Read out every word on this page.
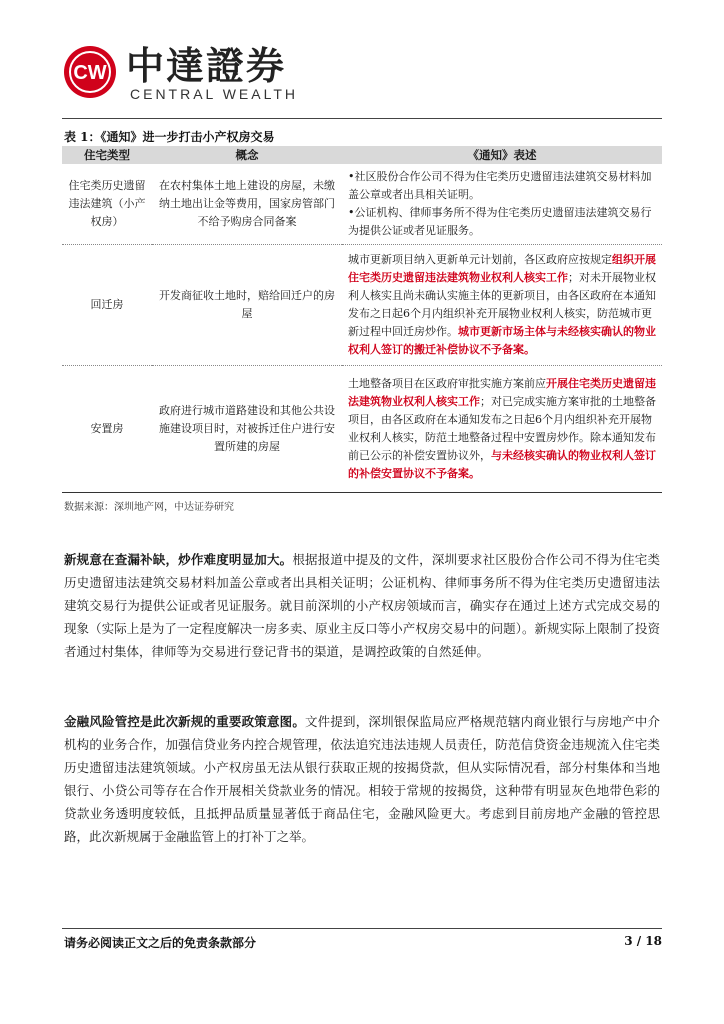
CW 中達證券
CENTRAL WEALTH
表 1：《通知》进一步打击小产权房交易
住宅类型	概念	《通知》表述
住宅类历史遗留违法建筑（小产权房）	在农村集体土地上建设的房屋，未缴纳土地出让金等费用，国家房管部门不给予购房合同备案	•社区股份合作公司不得为住宅类历史遗留违法建筑交易材料加盖公章或者出具相关证明。
•公证机构、律师事务所不得为住宅类历史遗留违法建筑交易行为提供公证或者见证服务。

回迁房	开发商征收土地时，赔给回迁户的房屋	城市更新项目纳入更新单元计划前，各区政府应按规定组织开展住宅类历史遗留违法建筑物业权利人核实工作；对未开展物业权利人核实且尚未确认实施主体的更新项目，由各区政府在本通知发布之日起6个月内组织补充开展物业权利人核实，防范城市更新过程中回迁房炒作。城市更新市场主体与未经核实确认的物业权利人签订的搬迁补偿协议不予备案。
安置房	政府进行城市道路建设和其他公共设施建设项目时，对被拆迁住户进行安置所建的房屋	土地整备项目在区政府审批实施方案前应开展住宅类历史遗留违法建筑物业权利人核实工作；对已完成实施方案审批的土地整备项目，由各区政府在本通知发布之日起6个月内组织补充开展物业权利人核实，防范土地整备过程中安置房炒作。除本通知发布前已公示的补偿安置协议外，与未经核实确认的物业权利人签订的补偿安置协议不予备案。
数据来源：深圳地产网，中达证券研究
新规意在查漏补缺，炒作难度明显加大。根据报道中提及的文件，深圳要求社区股份合作公司不得为住宅类历史遗留违法建筑交易材料加盖公章或者出具相关证明；公证机构、律师事务所不得为住宅类历史遗留违法建筑交易行为提供公证或者见证服务。就目前深圳的小产权房领域而言，确实存在通过上述方式完成交易的现象（实际上是为了一定程度解决一房多卖、原业主反口等小产权房交易中的问题）。新规实际上限制了投资者通过村集体，律师等为交易进行登记背书的渠道，是调控政策的自然延伸。
金融风险管控是此次新规的重要政策意图。文件提到，深圳银保监局应严格规范辖内商业银行与房地产中介机构的业务合作，加强信贷业务内控合规管理，依法追究违法违规人员责任，防范信贷资金违规流入住宅类历史遗留违法建筑领域。小产权房虽无法从银行获取正规的按揭贷款，但从实际情况看，部分村集体和当地银行、小贷公司等存在合作开展相关贷款业务的情况。相较于常规的按揭贷，这种带有明显灰色地带色彩的贷款业务透明度较低，且抵押品质量显著低于商品住宅，金融风险更大。考虑到目前房地产金融的管控思路，此次新规属于金融监管上的打补丁之举。
请务必阅读正文之后的免责条款部分	3 / 18
